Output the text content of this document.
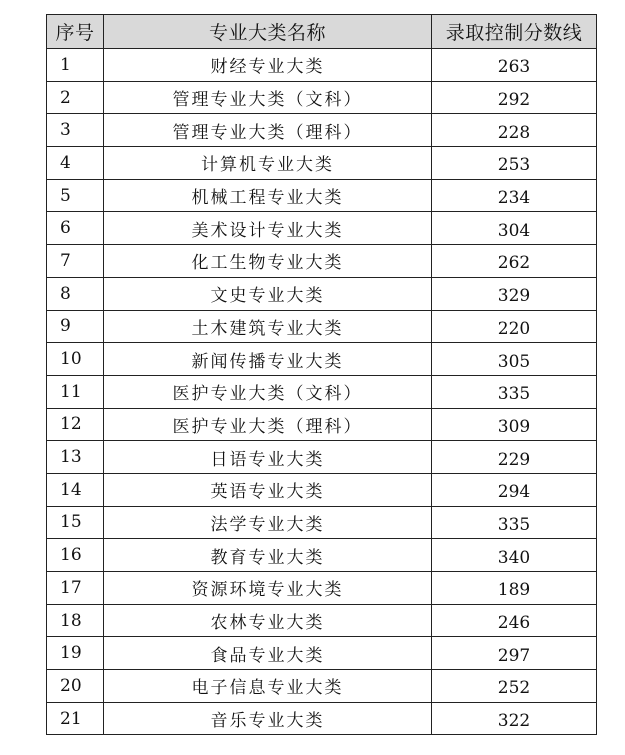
序号	专业大类名称	录取控制分数线
1	财经专业大类	263
2	管理专业大类（文科）	292
3	管理专业大类（理科）	228
4	计算机专业大类	253
5	机械工程专业大类	234
6	美术设计专业大类	304
7	化工生物专业大类	262
8	文史专业大类	329
9	土木建筑专业大类	220
10	新闻传播专业大类	305
11	医护专业大类（文科）	335
12	医护专业大类（理科）	309
13	日语专业大类	229
14	英语专业大类	294
15	法学专业大类	335
16	教育专业大类	340
17	资源环境专业大类	189
18	农林专业大类	246
19	食品专业大类	297
20	电子信息专业大类	252
21	音乐专业大类	322
